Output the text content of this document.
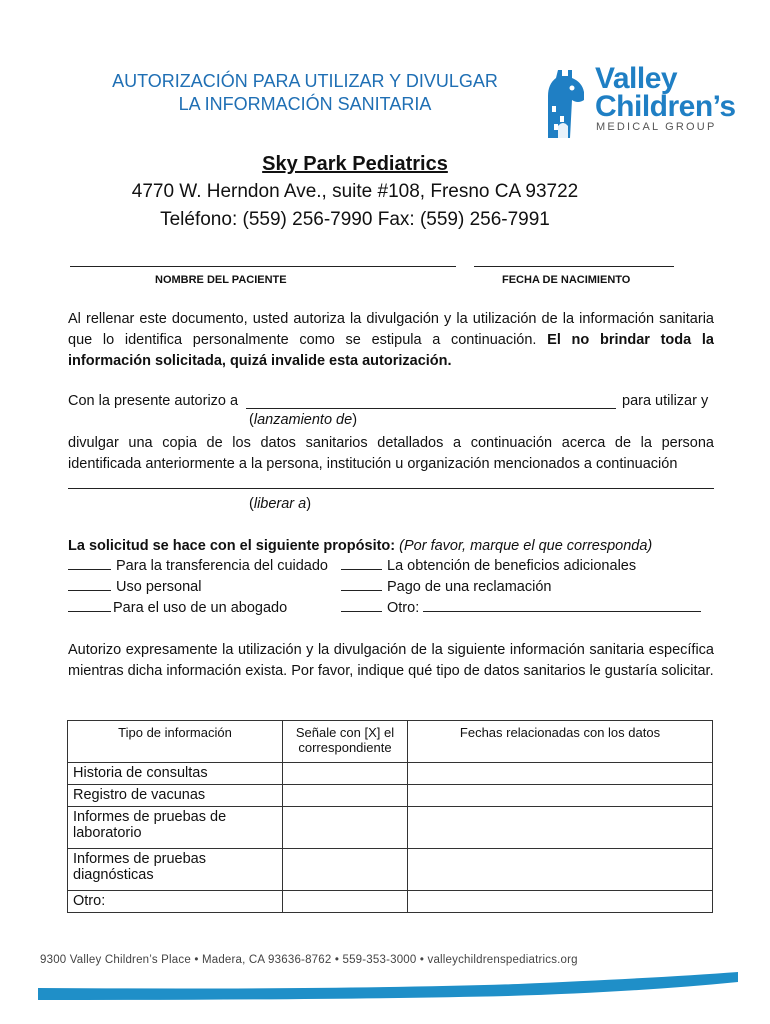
AUTORIZACIÓN PARA UTILIZAR Y DIVULGAR
LA INFORMACIÓN SANITARIA
Valley
Children’s
MEDICAL GROUP
Sky Park Pediatrics
4770 W. Herndon Ave., suite #108, Fresno CA 93722
Teléfono: (559) 256-7990 Fax: (559) 256-7991
NOMBRE DEL PACIENTE	FECHA DE NACIMIENTO
Al rellenar este documento, usted autoriza la divulgación y la utilización de la información sanitaria que lo identifica personalmente como se estipula a continuación. El no brindar toda la información solicitada, quizá invalide esta autorización.
Con la presente autorizo a	para utilizar y
(lanzamiento de)
divulgar una copia de los datos sanitarios detallados a continuación acerca de la persona identificada anteriormente a la persona, institución u organización mencionados a continuación
(liberar a)
La solicitud se hace con el siguiente propósito: (Por favor, marque el que corresponda)
Para la transferencia del cuidado
Uso personal
Para el uso de un abogado
La obtención de beneficios adicionales
Pago de una reclamación
Otro:
Autorizo expresamente la utilización y la divulgación de la siguiente información sanitaria específica mientras dicha información exista. Por favor, indique qué tipo de datos sanitarios le gustaría solicitar.
Tipo de información	Señale con [X] el correspondiente	Fechas relacionadas con los datos
Historia de consultas		
Registro de vacunas		
Informes de pruebas de laboratorio		
Informes de pruebas diagnósticas		
Otro:		
9300 Valley Children’s Place • Madera, CA 93636-8762 • 559-353-3000 • valleychildrenspediatrics.org
